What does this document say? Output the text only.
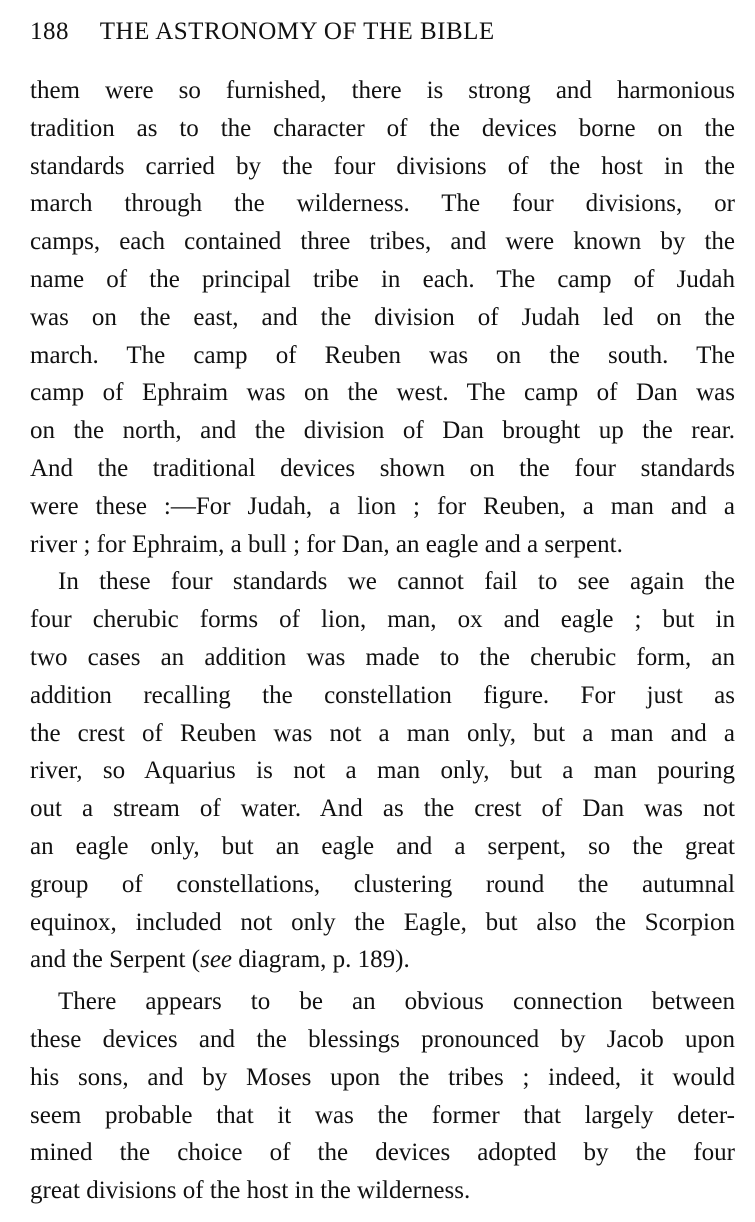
188 THE ASTRONOMY OF THE BIBLE
them were so furnished, there is strong and harmonious
tradition as to the character of the devices borne on the
standards carried by the four divisions of the host in the
march through the wilderness. The four divisions, or
camps, each contained three tribes, and were known by the
name of the principal tribe in each. The camp of Judah
was on the east, and the division of Judah led on the
march. The camp of Reuben was on the south. The
camp of Ephraim was on the west. The camp of Dan was
on the north, and the division of Dan brought up the rear.
And the traditional devices shown on the four standards
were these :—For Judah, a lion ; for Reuben, a man and a
river ; for Ephraim, a bull ; for Dan, an eagle and a serpent.
In these four standards we cannot fail to see again the
four cherubic forms of lion, man, ox and eagle ; but in
two cases an addition was made to the cherubic form, an
addition recalling the constellation figure. For just as
the crest of Reuben was not a man only, but a man and a
river, so Aquarius is not a man only, but a man pouring
out a stream of water. And as the crest of Dan was not
an eagle only, but an eagle and a serpent, so the great
group of constellations, clustering round the autumnal
equinox, included not only the Eagle, but also the Scorpion
and the Serpent (see diagram, p. 189).
There appears to be an obvious connection between
these devices and the blessings pronounced by Jacob upon
his sons, and by Moses upon the tribes ; indeed, it would
seem probable that it was the former that largely deter-
mined the choice of the devices adopted by the four
great divisions of the host in the wilderness.
